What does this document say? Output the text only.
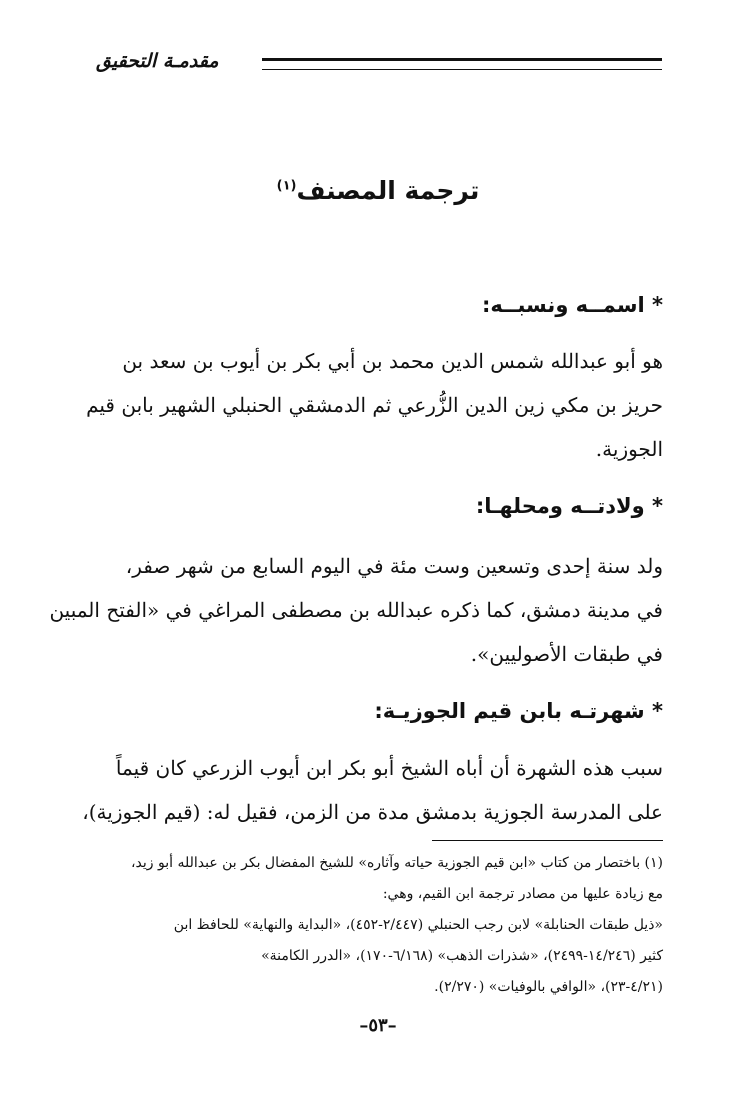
مقدمـة التحقيق
ترجمة المصنف$^{(١)}$
* اسمــه ونسبــه:
هو أبو عبدالله شمس الدين محمد بن أبي بكر بن أيوب بن سعد بن
حريز بن مكي زين الدين الزُّرعي ثم الدمشقي الحنبلي الشهير بابن قيم
الجوزية.
* ولادتــه ومحلهـا:
ولد سنة إحدى وتسعين وست مئة في اليوم السابع من شهر صفر،
في مدينة دمشق، كما ذكره عبدالله بن مصطفى المراغي في «الفتح المبين
في طبقات الأصوليين».
* شهرتـه بابن قيم الجوزيـة:
سبب هذه الشهرة أن أباه الشيخ أبو بكر ابن أيوب الزرعي كان قيماً
على المدرسة الجوزية بدمشق مدة من الزمن، فقيل له: (قيم الجوزية)،
(١) باختصار من كتاب «ابن قيم الجوزية حياته وآثاره» للشيخ المفضال بكر بن عبدالله أبو زيد،
مع زيادة عليها من مصادر ترجمة ابن القيم، وهي:
«ذيل طبقات الحنابلة» لابن رجب الحنبلي (٢/٤٤٧-٤٥٢)، «البداية والنهاية» للحافظ ابن
كثير (١٤/٢٤٦-٢٤٩٩)، «شذرات الذهب» (٦/١٦٨-١٧٠)، «الدرر الكامنة»
(٤/٢١-٢٣)، «الوافي بالوفيات» (٢/٢٧٠).
–٥٣–
